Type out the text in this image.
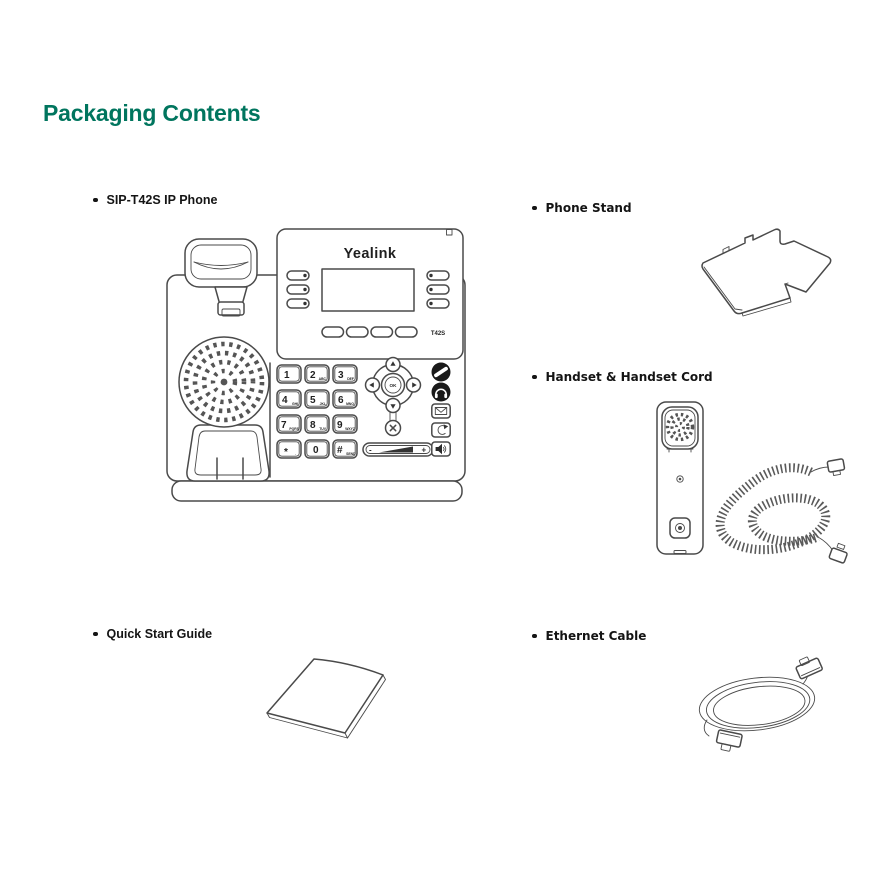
Packaging Contents
SIP-T42S IP Phone
Phone Stand
Handset & Handset Cord
Quick Start Guide	Ethernet Cable
Yealink
T42S
1 2 ABC 3 DEF
4 GHI 5 JKL 6 MNO
7 PQRS 8 TUV 9 WXYZ
* . 0 # SEND
OK
-	+
